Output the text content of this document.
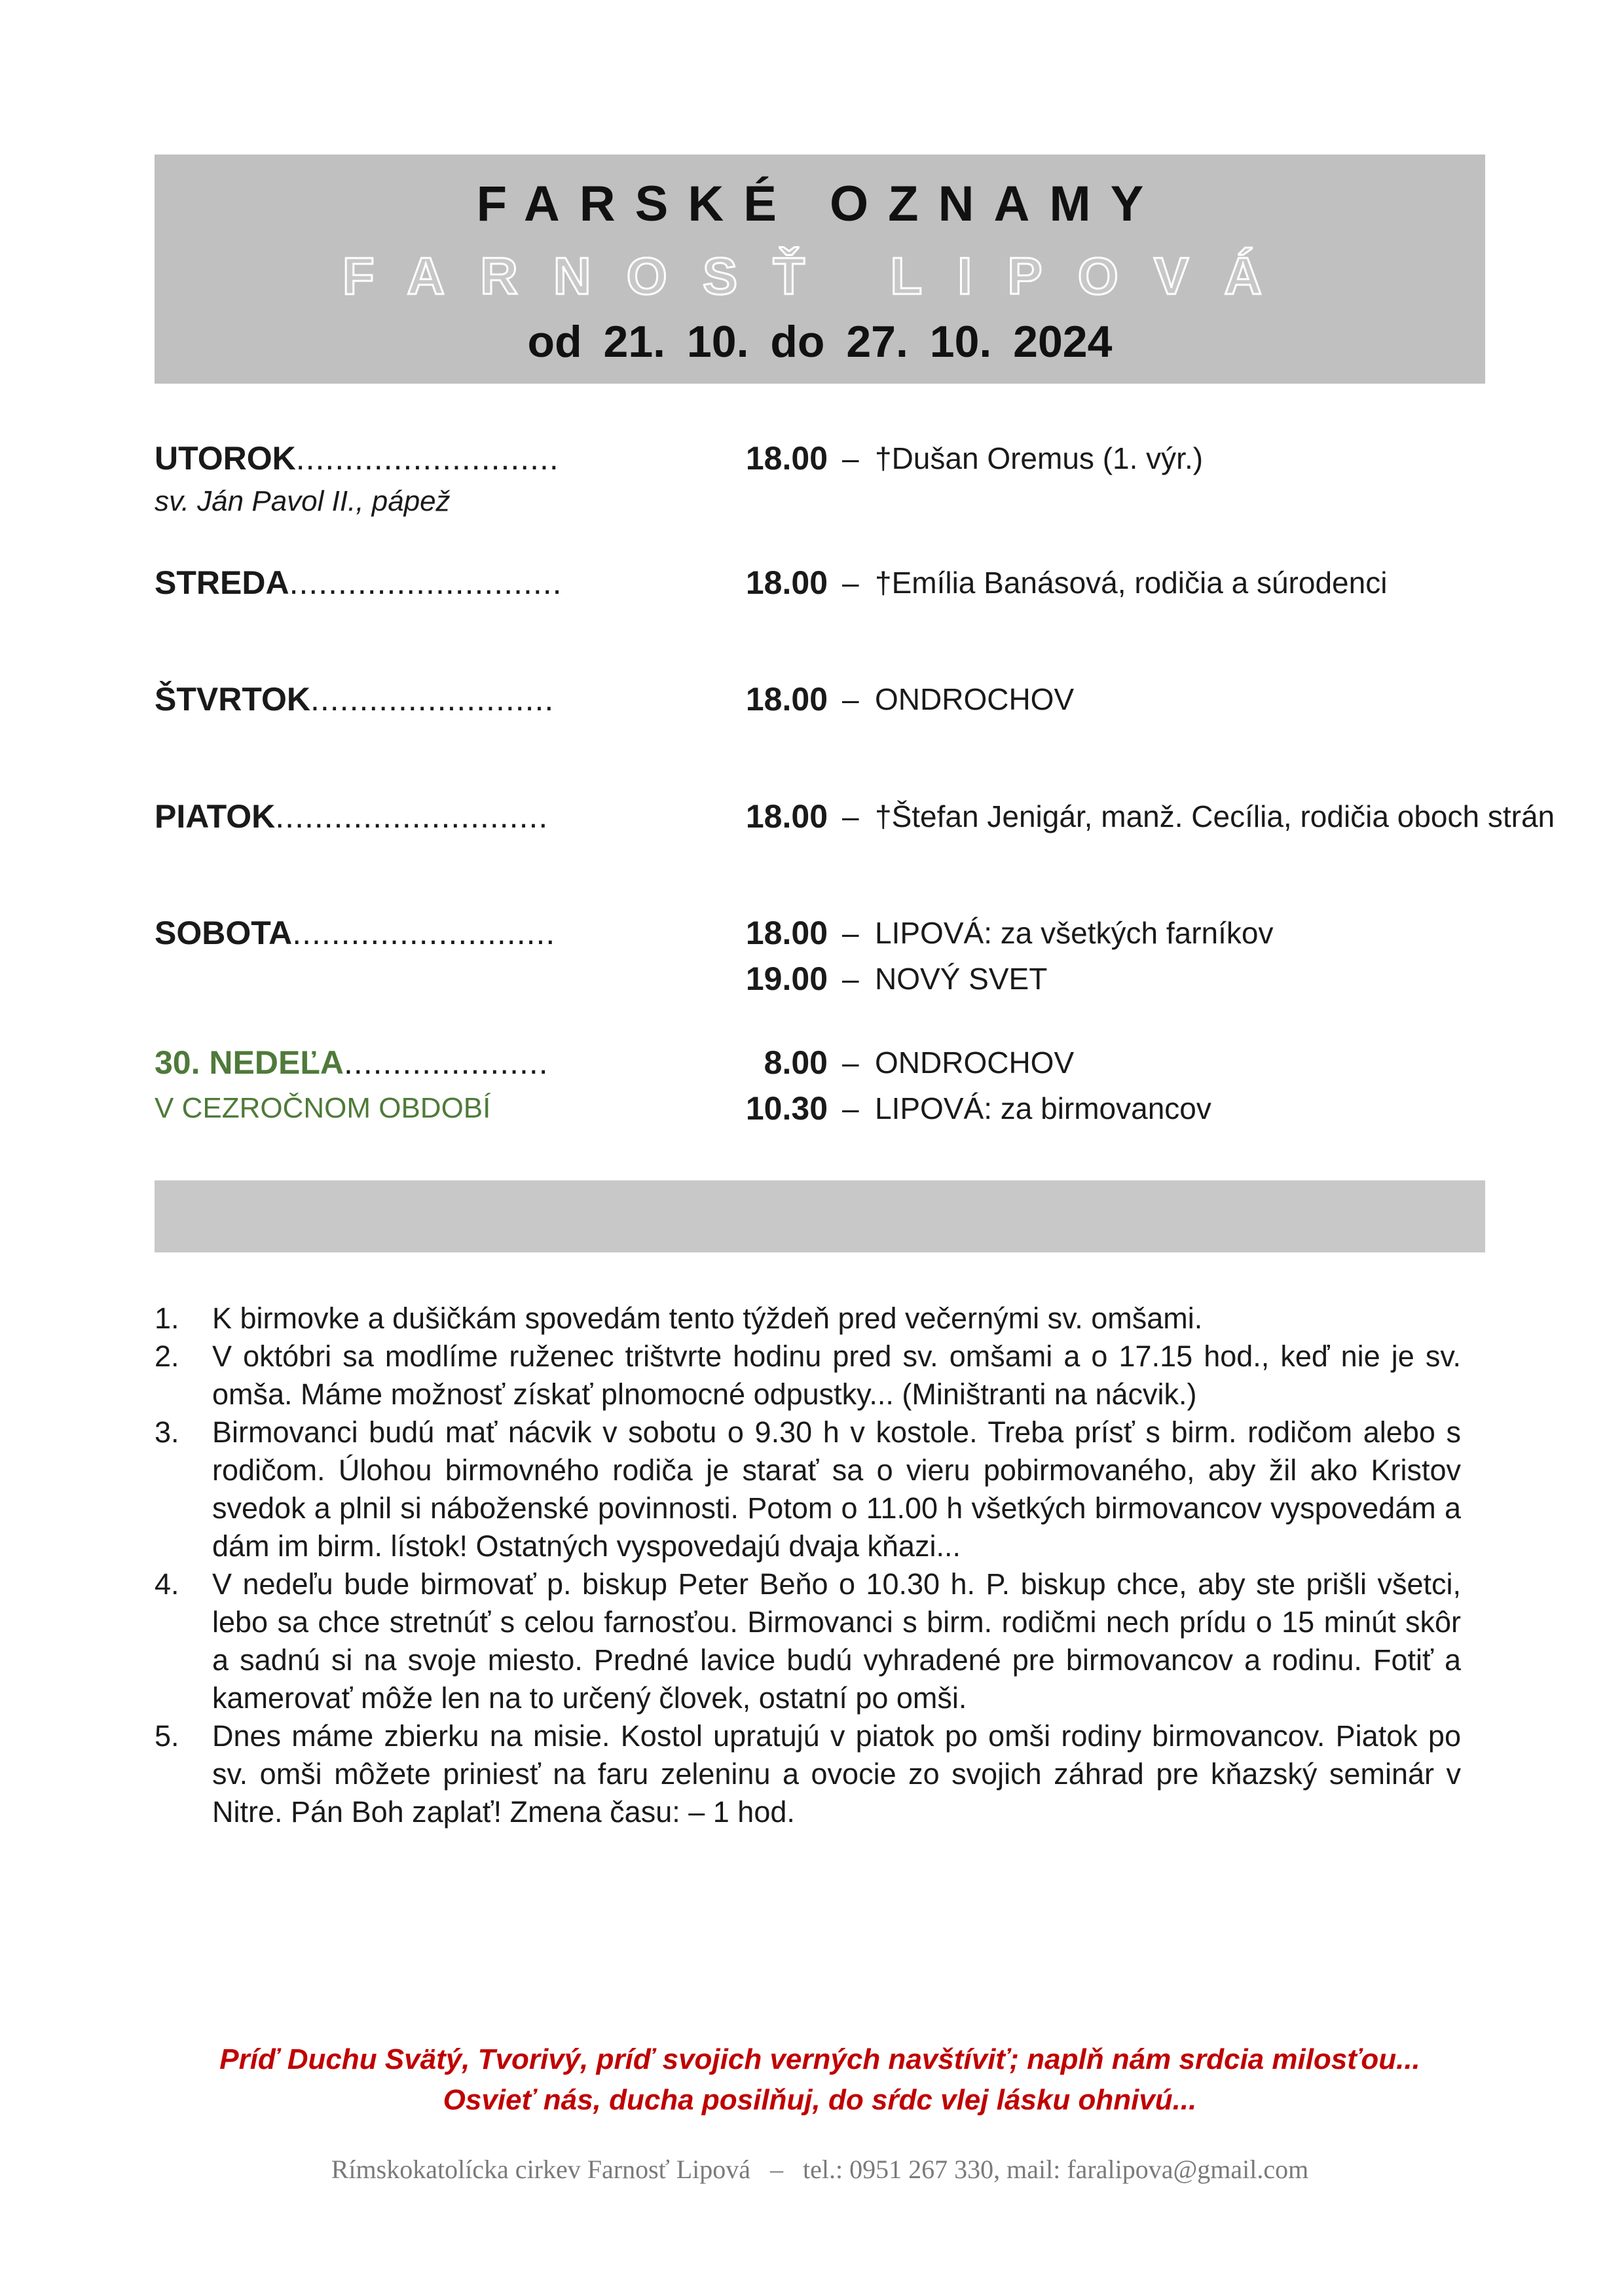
FARSKÉ OZNAMY
FARNOSŤ LIPOVÁ
od 21. 10. do 27. 10. 2024
UTOROK...........................	18.00 – †Dušan Oremus (1. výr.)
sv. Ján Pavol II., pápež
STREDA............................	18.00 – †Emília Banásová, rodičia a súrodenci
ŠTVRTOK.........................	18.00 – ONDROCHOV
PIATOK............................	18.00 – †Štefan Jenigár, manž. Cecília, rodičia oboch strán
SOBOTA...........................	18.00 – LIPOVÁ: za všetkých farníkov
19.00 – NOVÝ SVET
30. NEDEĽA.....................	8.00 – ONDROCHOV
V CEZROČNOM OBDOBÍ	10.30 – LIPOVÁ: za birmovancov
1. K birmovke a dušičkám spovedám tento týždeň pred večernými sv. omšami.
2. V októbri sa modlíme ruženec trištvrte hodinu pred sv. omšami a o 17.15 hod., keď nie je sv. omša. Máme možnosť získať plnomocné odpustky... (Miništranti na nácvik.)
3. Birmovanci budú mať nácvik v sobotu o 9.30 h v kostole. Treba prísť s birm. rodičom alebo s rodičom. Úlohou birmovného rodiča je starať sa o vieru pobirmovaného, aby žil ako Kristov svedok a plnil si náboženské povinnosti. Potom o 11.00 h všetkých birmovancov vyspovedám a dám im birm. lístok! Ostatných vyspovedajú dvaja kňazi...
4. V nedeľu bude birmovať p. biskup Peter Beňo o 10.30 h. P. biskup chce, aby ste prišli všetci, lebo sa chce stretnúť s celou farnosťou. Birmovanci s birm. rodičmi nech prídu o 15 minút skôr a sadnú si na svoje miesto. Predné lavice budú vyhradené pre birmovancov a rodinu. Fotiť a kamerovať môže len na to určený človek, ostatní po omši.
5. Dnes máme zbierku na misie. Kostol upratujú v piatok po omši rodiny birmovancov. Piatok po sv. omši môžete priniesť na faru zeleninu a ovocie zo svojich záhrad pre kňazský seminár v Nitre. Pán Boh zaplať! Zmena času: – 1 hod.
Príď Duchu Svätý, Tvorivý, príď svojich verných navštíviť; naplň nám srdcia milosťou...
Osvieť nás, ducha posilňuj, do sŕdc vlej lásku ohnivú...
Rímskokatolícka cirkev Farnosť Lipová   –   tel.: 0951 267 330, mail: faralipova@gmail.com
